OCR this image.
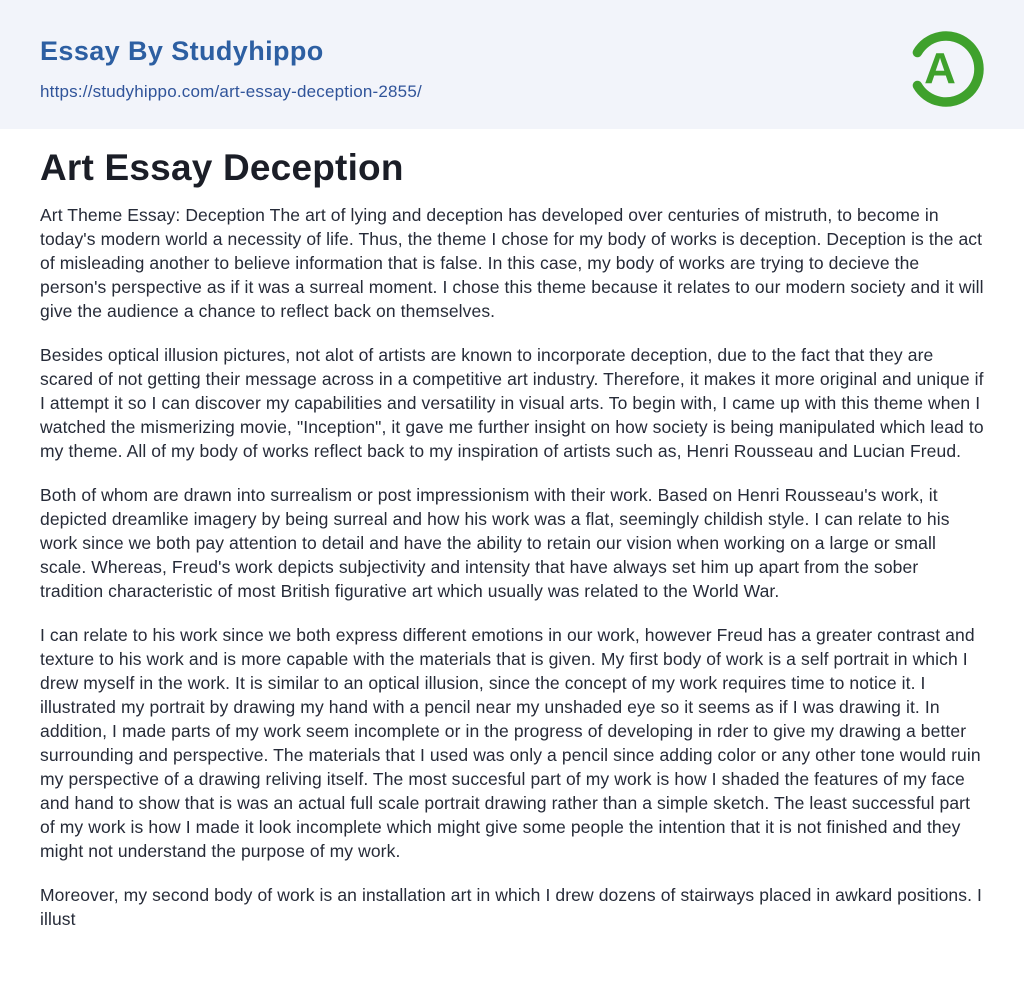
Essay By Studyhippo
https://studyhippo.com/art-essay-deception-2855/	A
Art Essay Deception

Art Theme Essay: Deception The art of lying and deception has developed over centuries of mistruth, to become in today's modern world a necessity of life. Thus, the theme I chose for my body of works is deception. Deception is the act of misleading another to believe information that is false. In this case, my body of works are trying to decieve the person's perspective as if it was a surreal moment. I chose this theme because it relates to our modern society and it will give the audience a chance to reflect back on themselves.

Besides optical illusion pictures, not alot of artists are known to incorporate deception, due to the fact that they are scared of not getting their message across in a competitive art industry. Therefore, it makes it more original and unique if I attempt it so I can discover my capabilities and versatility in visual arts. To begin with, I came up with this theme when I watched the mismerizing movie, "Inception", it gave me further insight on how society is being manipulated which lead to my theme. All of my body of works reflect back to my inspiration of artists such as, Henri Rousseau and Lucian Freud.

Both of whom are drawn into surrealism or post impressionism with their work. Based on Henri Rousseau's work, it depicted dreamlike imagery by being surreal and how his work was a flat, seemingly childish style. I can relate to his work since we both pay attention to detail and have the ability to retain our vision when working on a large or small scale. Whereas, Freud's work depicts subjectivity and intensity that have always set him up apart from the sober tradition characteristic of most British figurative art which usually was related to the World War.

I can relate to his work since we both express different emotions in our work, however Freud has a greater contrast and texture to his work and is more capable with the materials that is given. My first body of work is a self portrait in which I drew myself in the work. It is similar to an optical illusion, since the concept of my work requires time to notice it. I illustrated my portrait by drawing my hand with a pencil near my unshaded eye so it seems as if I was drawing it. In addition, I made parts of my work seem incomplete or in the progress of developing in rder to give my drawing a better surrounding and perspective. The materials that I used was only a pencil since adding color or any other tone would ruin my perspective of a drawing reliving itself. The most succesful part of my work is how I shaded the features of my face and hand to show that is was an actual full scale portrait drawing rather than a simple sketch. The least successful part of my work is how I made it look incomplete which might give some people the intention that it is not finished and they might not understand the purpose of my work.

Moreover, my second body of work is an installation art in which I drew dozens of stairways placed in awkard positions. I illust
